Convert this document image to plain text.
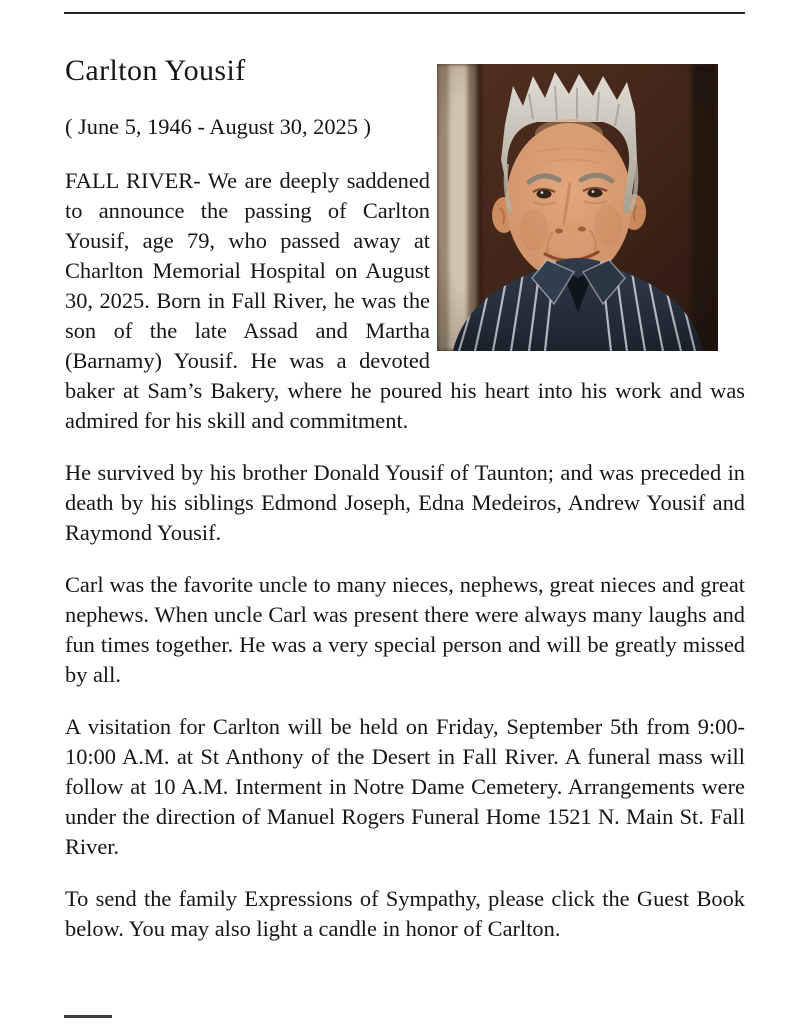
Carlton Yousif

( June 5, 1946 - August 30, 2025 )

FALL RIVER- We are deeply saddened to announce the passing of Carlton Yousif, age 79, who passed away at Charlton Memorial Hospital on August 30, 2025. Born in Fall River, he was the son of the late Assad and Martha (Barnamy) Yousif. He was a devoted baker at Sam’s Bakery, where he poured his heart into his work and was admired for his skill and commitment.

He survived by his brother Donald Yousif of Taunton; and was preceded in death by his siblings Edmond Joseph, Edna Medeiros, Andrew Yousif and Raymond Yousif.

Carl was the favorite uncle to many nieces, nephews, great nieces and great nephews. When uncle Carl was present there were always many laughs and fun times together. He was a very special person and will be greatly missed by all.

A visitation for Carlton will be held on Friday, September 5th from 9:00-10:00 A.M. at St Anthony of the Desert in Fall River. A funeral mass will follow at 10 A.M. Interment in Notre Dame Cemetery. Arrangements were under the direction of Manuel Rogers Funeral Home 1521 N. Main St. Fall River.

To send the family Expressions of Sympathy, please click the Guest Book below. You may also light a candle in honor of Carlton.
